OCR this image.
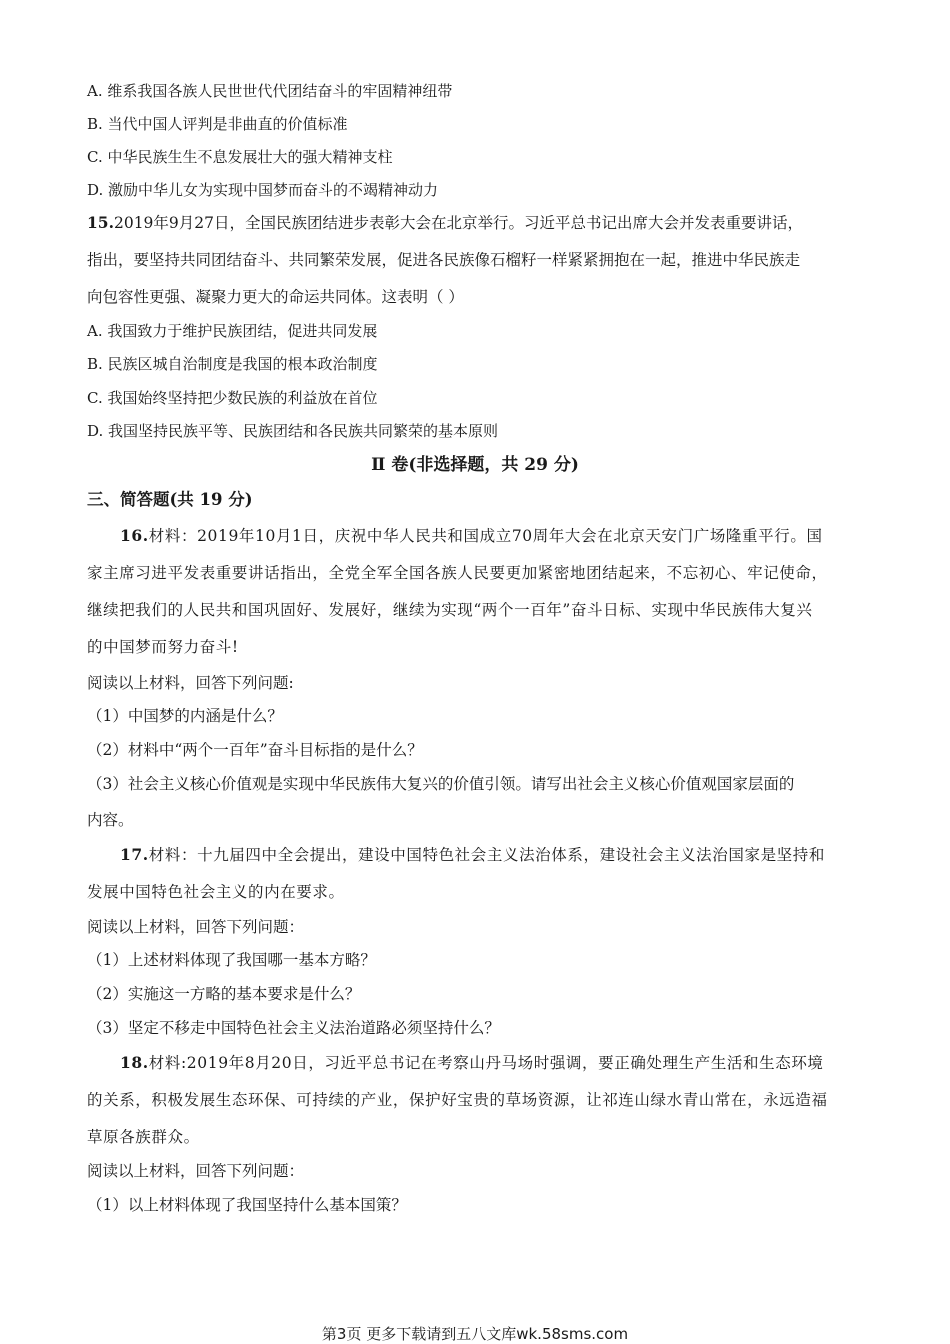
A. 维系我国各族人民世世代代团结奋斗的牢固精神纽带
B. 当代中国人评判是非曲直的价值标准
C. 中华民族生生不息发展壮大的强大精神支柱
D. 激励中华儿女为实现中国梦而奋斗的不竭精神动力
15.2019年9月27日，全国民族团结进步表彰大会在北京举行。习近平总书记出席大会并发表重要讲话，
指出，要坚持共同团结奋斗、共同繁荣发展，促进各民族像石榴籽一样紧紧拥抱在一起，推进中华民族走
向包容性更强、凝聚力更大的命运共同体。这表明（ ）
A. 我国致力于维护民族团结，促进共同发展
B. 民族区城自治制度是我国的根本政治制度
C. 我国始终坚持把少数民族的利益放在首位
D. 我国坚持民族平等、民族团结和各民族共同繁荣的基本原则
Ⅱ 卷(非选择题，共 29 分)
三、简答题(共 19 分)
16.材料：2019年10月1日，庆祝中华人民共和国成立70周年大会在北京天安门广场隆重平行。国
家主席习进平发表重要讲话指出，全党全军全国各族人民要更加紧密地团结起来，不忘初心、牢记使命，
继续把我们的人民共和国巩固好、发展好，继续为实现“两个一百年”奋斗日标、实现中华民族伟大复兴
的中国梦而努力奋斗!
阅读以上材料，回答下列问题:
（1）中国梦的内涵是什么？
（2）材料中“两个一百年”奋斗目标指的是什么？
（3）社会主义核心价值观是实现中华民族伟大复兴的价值引领。请写出社会主义核心价值观国家层面的
内容。
17.材料：十九届四中全会提出，建设中国特色社会主义法治体系，建设社会主义法治国家是坚持和
发展中国特色社会主义的内在要求。
阅读以上材料，回答下列问题：
（1）上述材料体现了我国哪一基本方略？
（2）实施这一方略的基本要求是什么？
（3）坚定不移走中国特色社会主义法治道路必须坚持什么？
18.材料:2019年8月20日，习近平总书记在考察山丹马场时强调，要正确处理生产生活和生态环境
的关系，积极发展生态环保、可持续的产业，保护好宝贵的草场资源，让祁连山绿水青山常在，永远造福
草原各族群众。
阅读以上材料，回答下列问题：
（1）以上材料体现了我国坚持什么基本国策？
第3页 更多下载请到五八文库wk.58sms.com
